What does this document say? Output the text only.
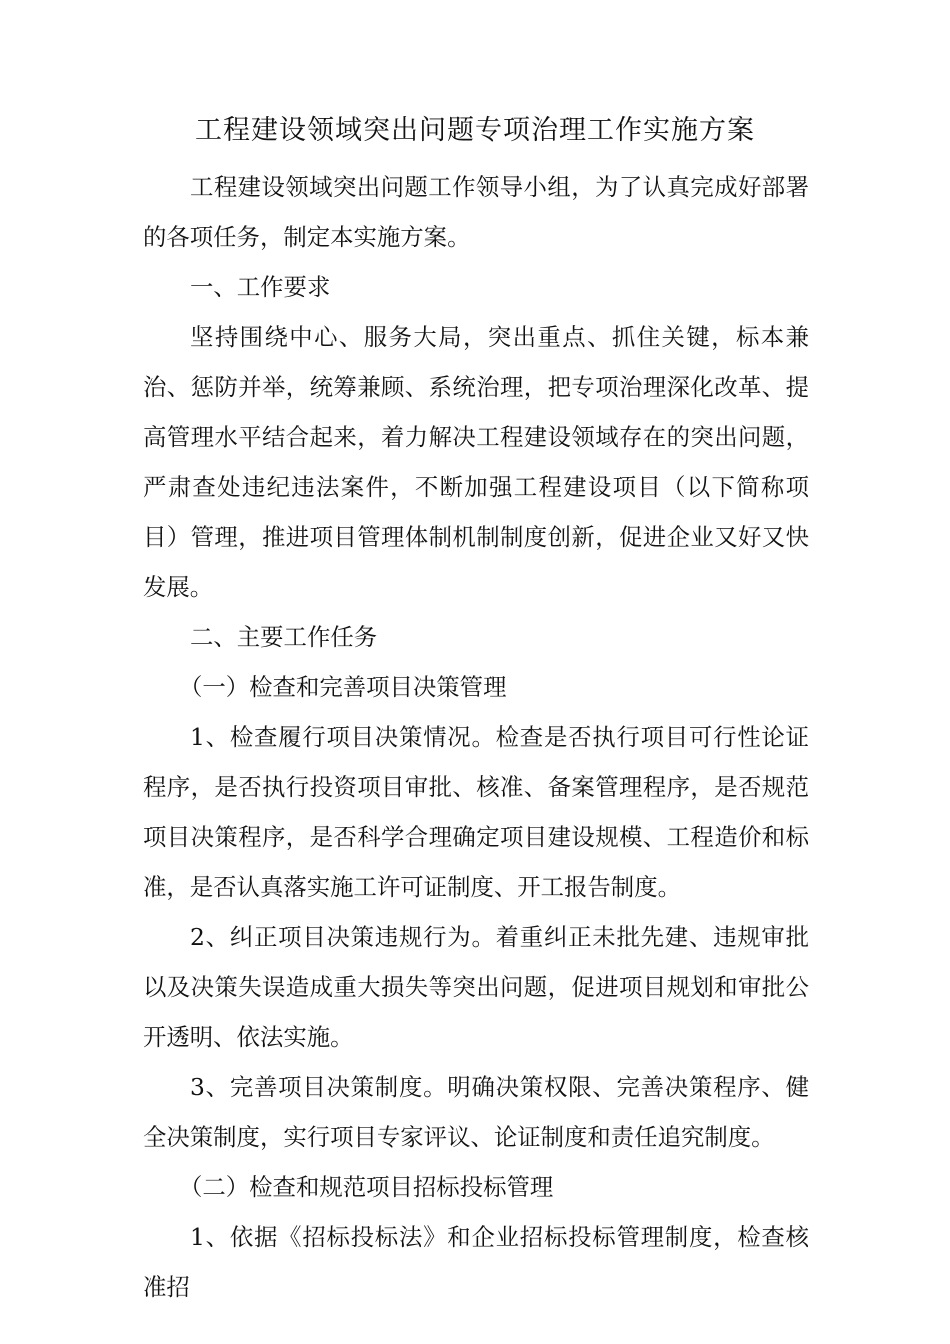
工程建设领域突出问题专项治理工作实施方案

工程建设领域突出问题工作领导小组，为了认真完成好部署的各项任务，制定本实施方案。

一、工作要求

坚持围绕中心、服务大局，突出重点、抓住关键，标本兼治、惩防并举，统筹兼顾、系统治理，把专项治理深化改革、提高管理水平结合起来，着力解决工程建设领域存在的突出问题，严肃查处违纪违法案件，不断加强工程建设项目（以下简称项目）管理，推进项目管理体制机制制度创新，促进企业又好又快发展。

二、主要工作任务

（一）检查和完善项目决策管理

1、检查履行项目决策情况。检查是否执行项目可行性论证程序，是否执行投资项目审批、核准、备案管理程序，是否规范项目决策程序，是否科学合理确定项目建设规模、工程造价和标准，是否认真落实施工许可证制度、开工报告制度。

2、纠正项目决策违规行为。着重纠正未批先建、违规审批以及决策失误造成重大损失等突出问题，促进项目规划和审批公开透明、依法实施。

3、完善项目决策制度。明确决策权限、完善决策程序、健全决策制度，实行项目专家评议、论证制度和责任追究制度。

（二）检查和规范项目招标投标管理

1、依据《招标投标法》和企业招标投标管理制度，检查核准招
